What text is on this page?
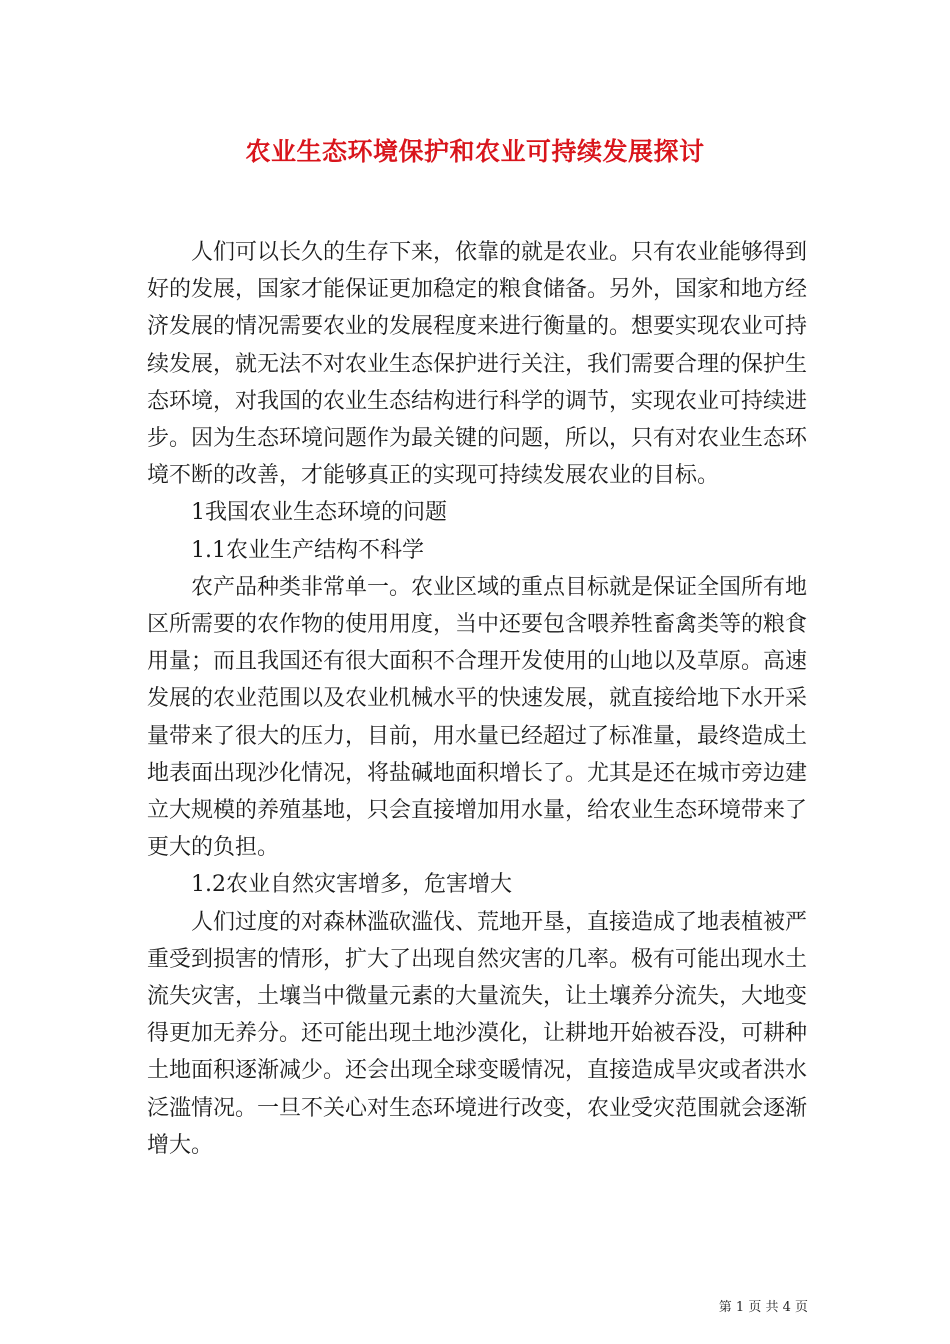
农业生态环境保护和农业可持续发展探讨

人们可以长久的生存下来，依靠的就是农业。只有农业能够得到好的发展，国家才能保证更加稳定的粮食储备。另外，国家和地方经济发展的情况需要农业的发展程度来进行衡量的。想要实现农业可持续发展，就无法不对农业生态保护进行关注，我们需要合理的保护生态环境，对我国的农业生态结构进行科学的调节，实现农业可持续进步。因为生态环境问题作为最关键的问题，所以，只有对农业生态环境不断的改善，才能够真正的实现可持续发展农业的目标。

1我国农业生态环境的问题

1.1农业生产结构不科学

农产品种类非常单一。农业区域的重点目标就是保证全国所有地区所需要的农作物的使用用度，当中还要包含喂养牲畜禽类等的粮食用量；而且我国还有很大面积不合理开发使用的山地以及草原。高速发展的农业范围以及农业机械水平的快速发展，就直接给地下水开采量带来了很大的压力，目前，用水量已经超过了标准量，最终造成土地表面出现沙化情况，将盐碱地面积增长了。尤其是还在城市旁边建立大规模的养殖基地，只会直接增加用水量，给农业生态环境带来了更大的负担。

1.2农业自然灾害增多，危害增大

人们过度的对森林滥砍滥伐、荒地开垦，直接造成了地表植被严重受到损害的情形，扩大了出现自然灾害的几率。极有可能出现水土流失灾害，土壤当中微量元素的大量流失，让土壤养分流失，大地变得更加无养分。还可能出现土地沙漠化，让耕地开始被吞没，可耕种土地面积逐渐减少。还会出现全球变暖情况，直接造成旱灾或者洪水泛滥情况。一旦不关心对生态环境进行改变，农业受灾范围就会逐渐增大。

第 1 页 共 4 页
